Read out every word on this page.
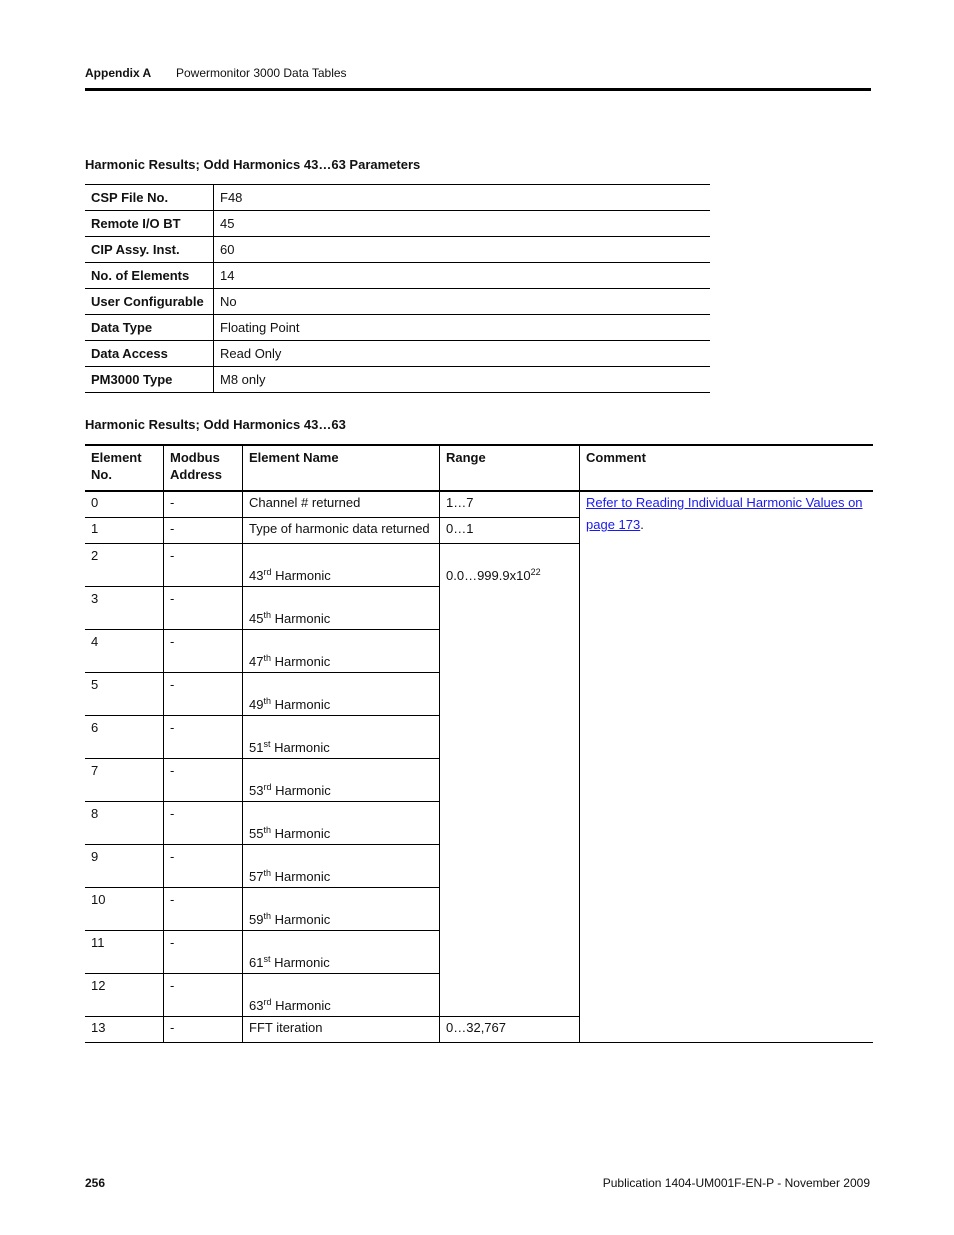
Appendix A Powermonitor 3000 Data Tables
Harmonic Results; Odd Harmonics 43…63 Parameters
CSP File No.	F48
Remote I/O BT	45
CIP Assy. Inst.	60
No. of Elements	14
User Configurable	No
Data Type	Floating Point
Data Access	Read Only
PM3000 Type	M8 only
Harmonic Results; Odd Harmonics 43…63
Element No.	Modbus Address	Element Name	Range	Comment
0	-	Channel # returned	1…7	Refer to Reading Individual Harmonic Values on page 173.
1	-	Type of harmonic data returned	0…1	
2	-	43rd Harmonic	$0.0\dots 999.9x10^{22}$
3	-	45th Harmonic		
4	-	47th Harmonic		
5	-	49th Harmonic		
6	-	51st Harmonic		
7	-	53rd Harmonic		
8	-	55th Harmonic		
9	-	57th Harmonic		
10	-	59th Harmonic		
11	-	61st Harmonic		
12	-	63rd Harmonic		
13	-	FFT iteration	0…32,767	
256	Publication 1404-UM001F-EN-P - November 2009
